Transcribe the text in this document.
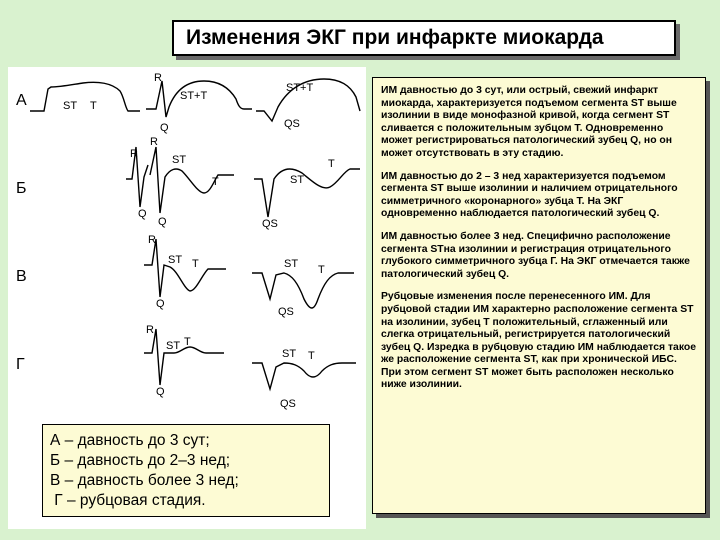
Изменения ЭКГ при инфаркте миокарда
А	ST T
R
ST+T
Q
ST+T
QS
Б
R
Q
R
ST
T
Q
ST
T
QS
В
R
ST T
Q
ST T
QS
Г
R
ST T
Q
ST T
QS

ИМ давностью до 3 сут, или острый, свежий инфаркт миокарда, характеризуется подъемом сегмента ST выше изолинии в виде монофазной кривой, когда сегмент ST сливается с положительным зубцом T. Одновременно может регистрироваться патологический зубец Q, но он может отсутствовать в эту стадию.

ИМ давностью до 2 – 3 нед характеризуется подъемом сегмента ST выше изолинии и наличием отрицательного симметричного «коронарного» зубца T. На ЭКГ одновременно наблюдается патологический зубец Q.

ИМ давностью более 3 нед. Специфично расположение сегмента STна изолинии и регистрация отрицательного глубокого симметричного зубца Г. На ЭКГ отмечается также патологический зубец Q.

Рубцовые изменения после перенесенного ИМ. Для рубцовой стадии ИМ характерно расположение сегмента ST на изолинии, зубец T положительный, сглаженный или слегка отрицательный, регистрируется патологический зубец Q. Изредка в рубцовую стадию ИМ наблюдается такое же расположение сегмента ST, как при хронической ИБС. При этом сегмент ST может быть расположен несколько ниже изолинии.

А – давность до 3 сут;
Б – давность до 2–3 нед;
В – давность более 3 нед;
Г – рубцовая стадия.
